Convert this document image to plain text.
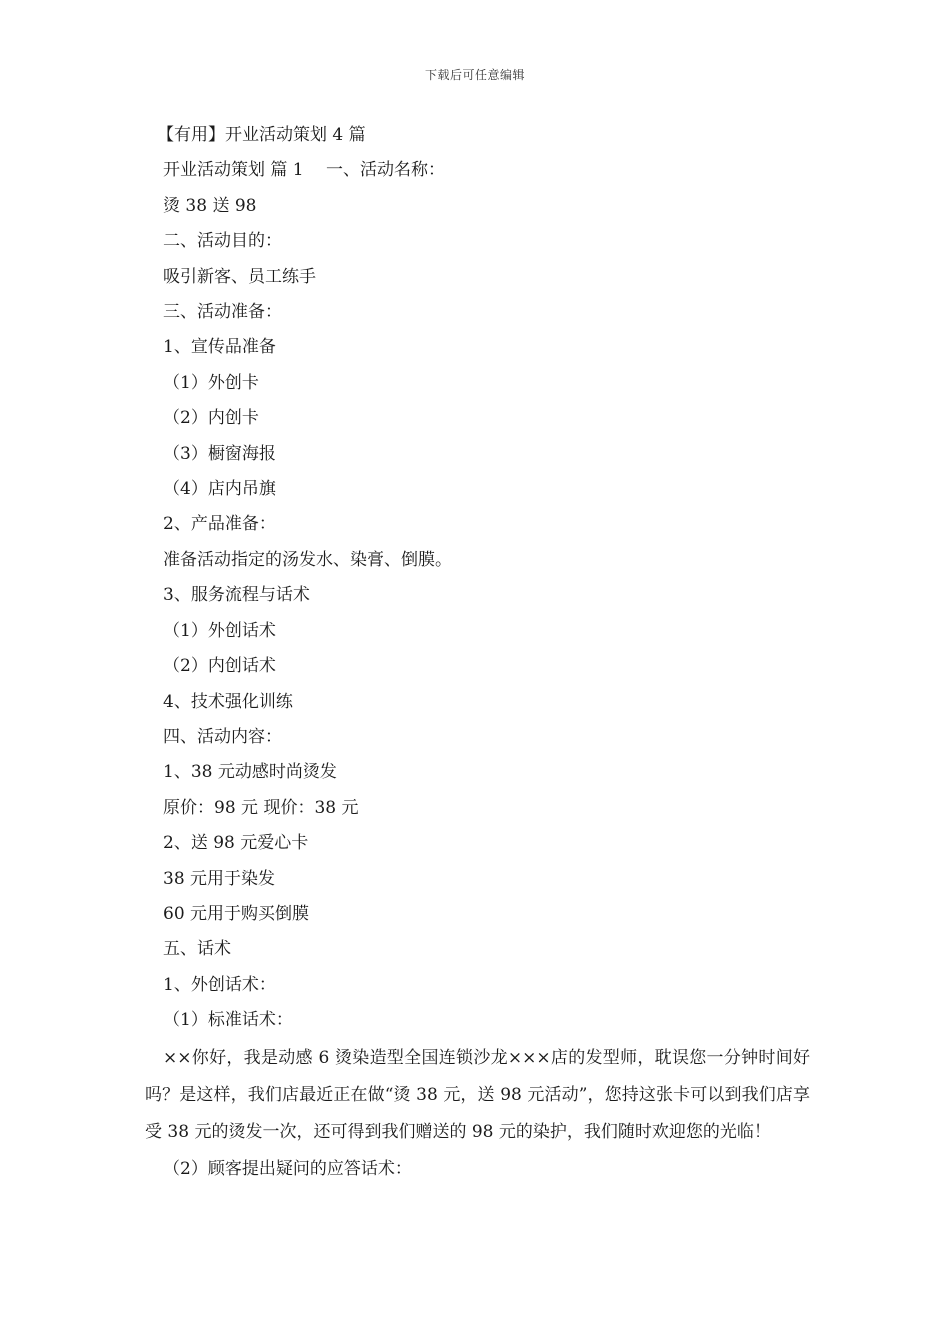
下载后可任意编辑
【有用】开业活动策划 4 篇
开业活动策划 篇 1　 一、活动名称：
烫 38 送 98
二、活动目的：
吸引新客、员工练手
三、活动准备：
1、宣传品准备
（1）外创卡
（2）内创卡
（3）橱窗海报
（4）店内吊旗
2、产品准备：
准备活动指定的汤发水、染膏、倒膜。
3、服务流程与话术
（1）外创话术
（2）内创话术
4、技术强化训练
四、活动内容：
1、38 元动感时尚烫发
原价：98 元 现价：38 元
2、送 98 元爱心卡
38 元用于染发
60 元用于购买倒膜
五、话术
1、外创话术：
（1）标准话术：
××你好，我是动感 6 烫染造型全国连锁沙龙×××店的发型师，耽误您一分钟时间好吗？是这样，我们店最近正在做“烫 38 元，送 98 元活动”，您持这张卡可以到我们店享受 38 元的烫发一次，还可得到我们赠送的 98 元的染护，我们随时欢迎您的光临！
（2）顾客提出疑问的应答话术：
